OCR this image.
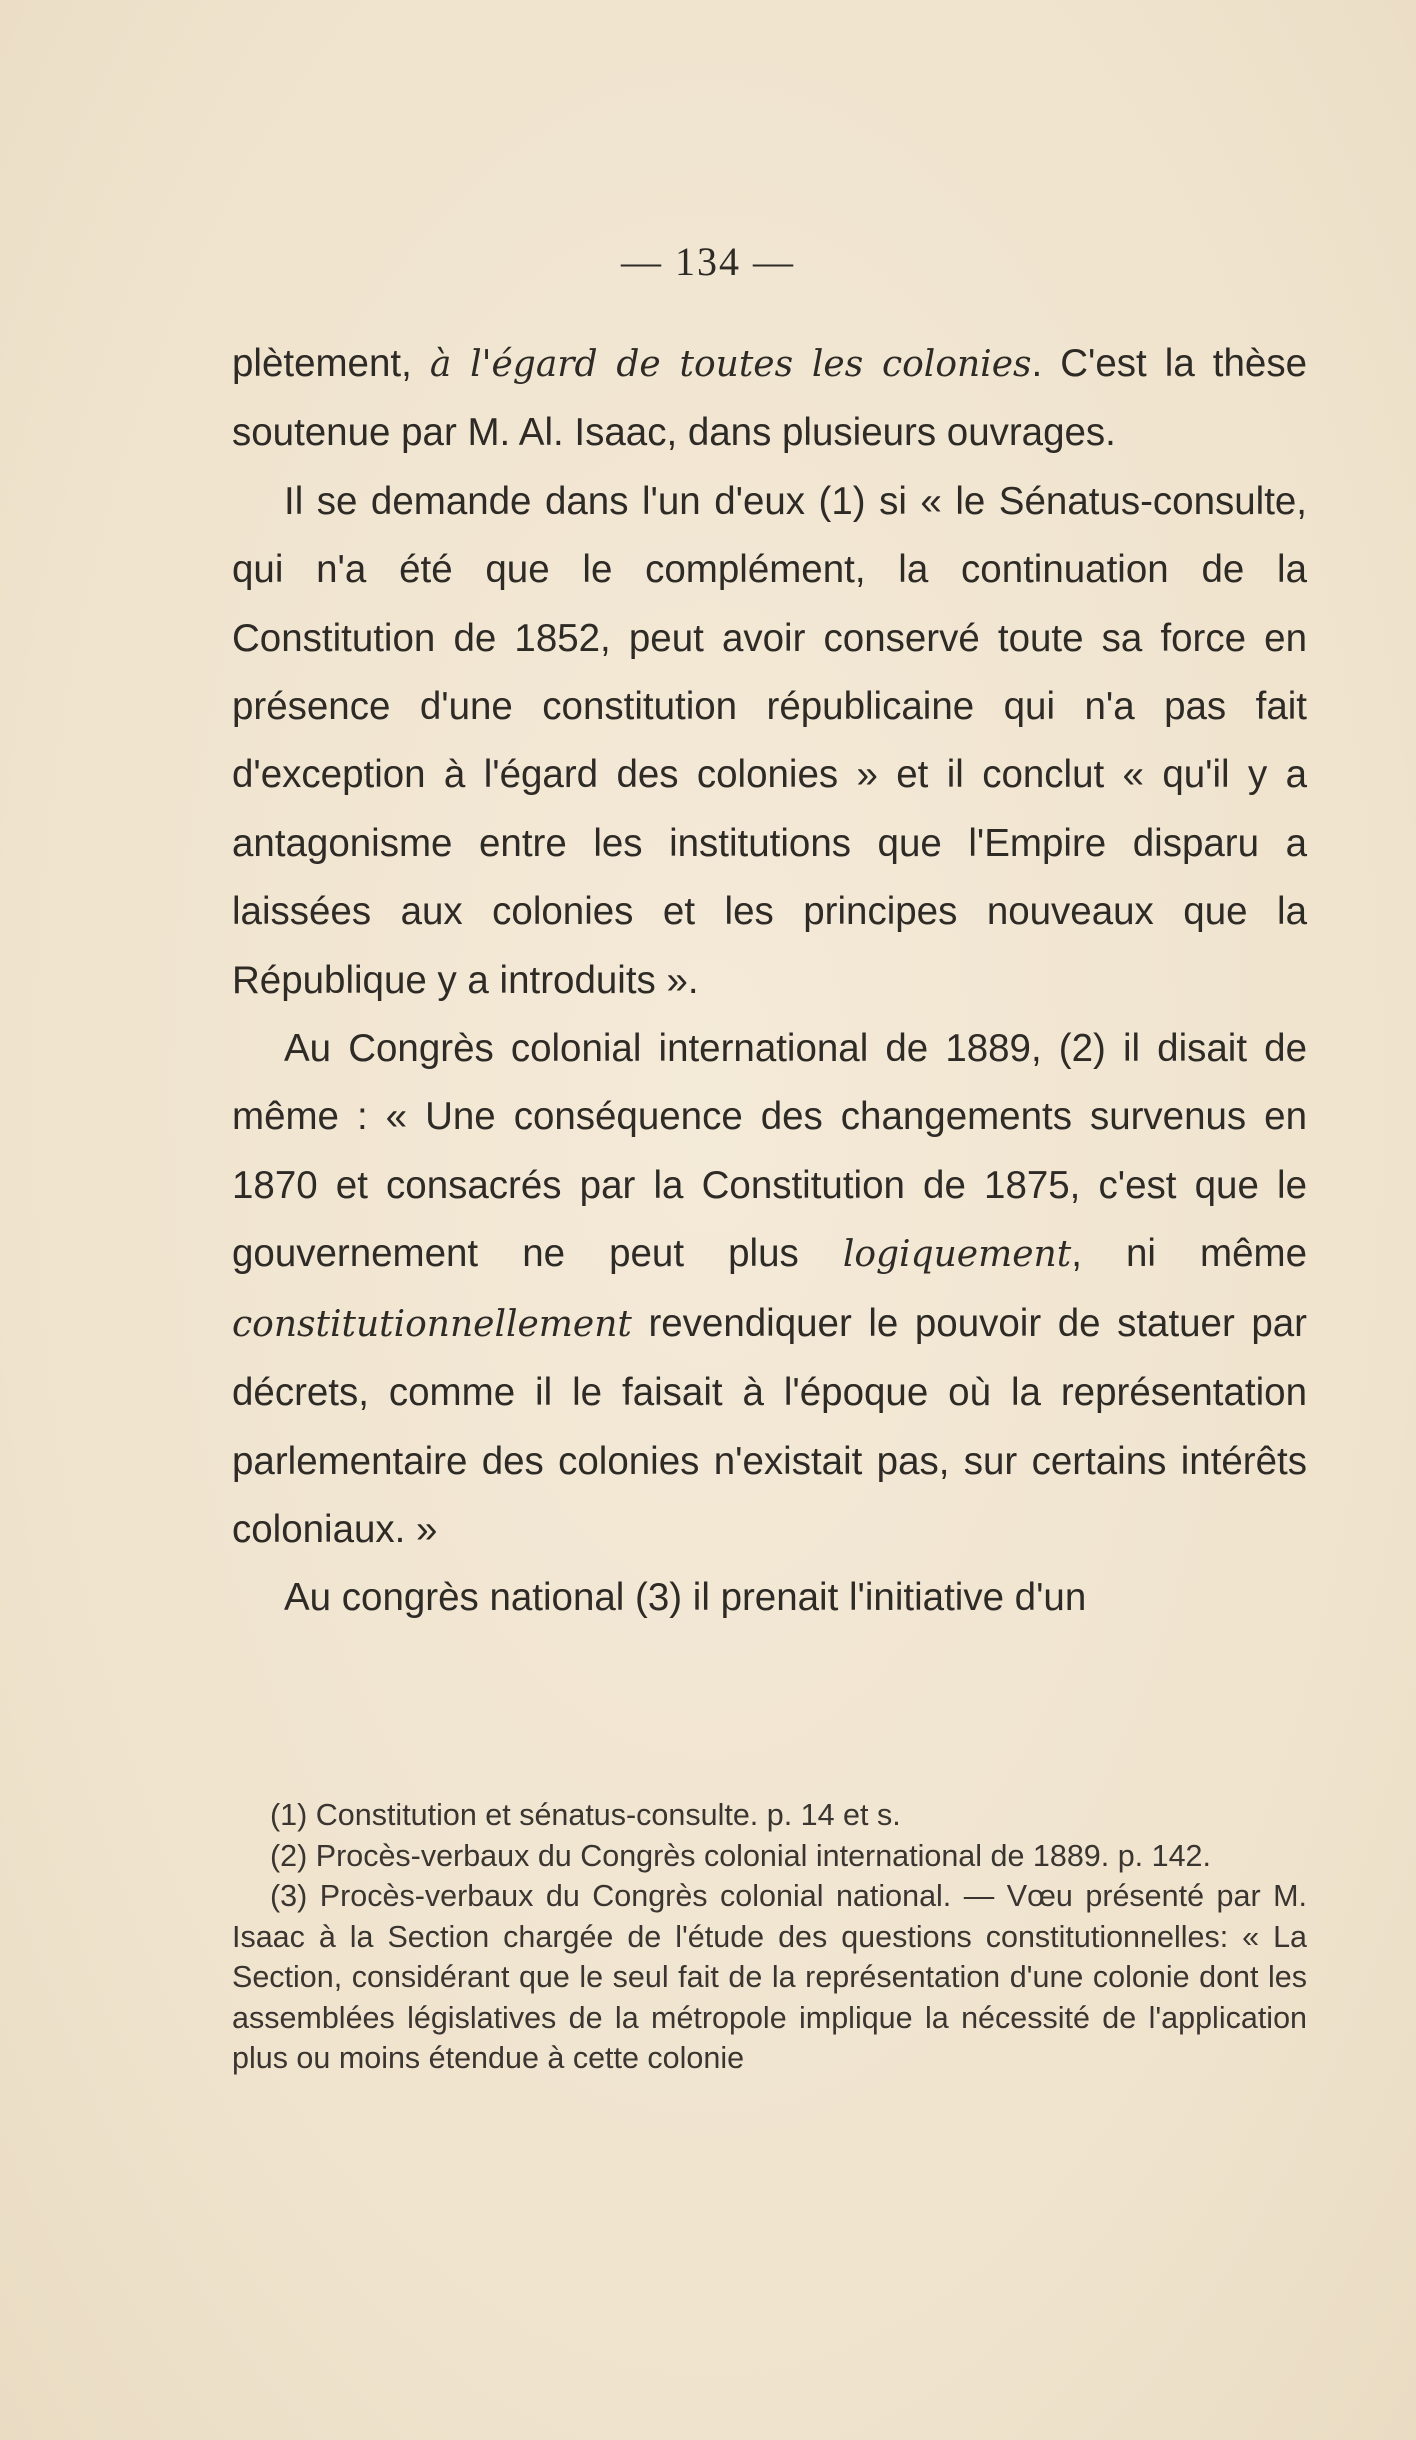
— 134 —

plètement, à l'égard de toutes les colonies. C'est la thèse soutenue par M. Al. Isaac, dans plusieurs ouvrages.

Il se demande dans l'un d'eux (1) si « le Sénatus-consulte, qui n'a été que le complément, la continuation de la Constitution de 1852, peut avoir conservé toute sa force en présence d'une constitution républicaine qui n'a pas fait d'exception à l'égard des colonies » et il conclut « qu'il y a antagonisme entre les institutions que l'Empire disparu a laissées aux colonies et les principes nouveaux que la République y a introduits ».

Au Congrès colonial international de 1889, (2) il disait de même : « Une conséquence des changements survenus en 1870 et consacrés par la Constitution de 1875, c'est que le gouvernement ne peut plus logiquement, ni même constitutionnellement revendiquer le pouvoir de statuer par décrets, comme il le faisait à l'époque où la représentation parlementaire des colonies n'existait pas, sur certains intérêts coloniaux. »

Au congrès national (3) il prenait l'initiative d'un

(1) Constitution et sénatus-consulte. p. 14 et s.

(2) Procès-verbaux du Congrès colonial international de 1889. p. 142.

(3) Procès-verbaux du Congrès colonial national. — Vœu présenté par M. Isaac à la Section chargée de l'étude des questions constitutionnelles: « La Section, considérant que le seul fait de la représentation d'une colonie dont les assemblées législatives de la métropole implique la nécessité de l'application plus ou moins étendue à cette colonie
